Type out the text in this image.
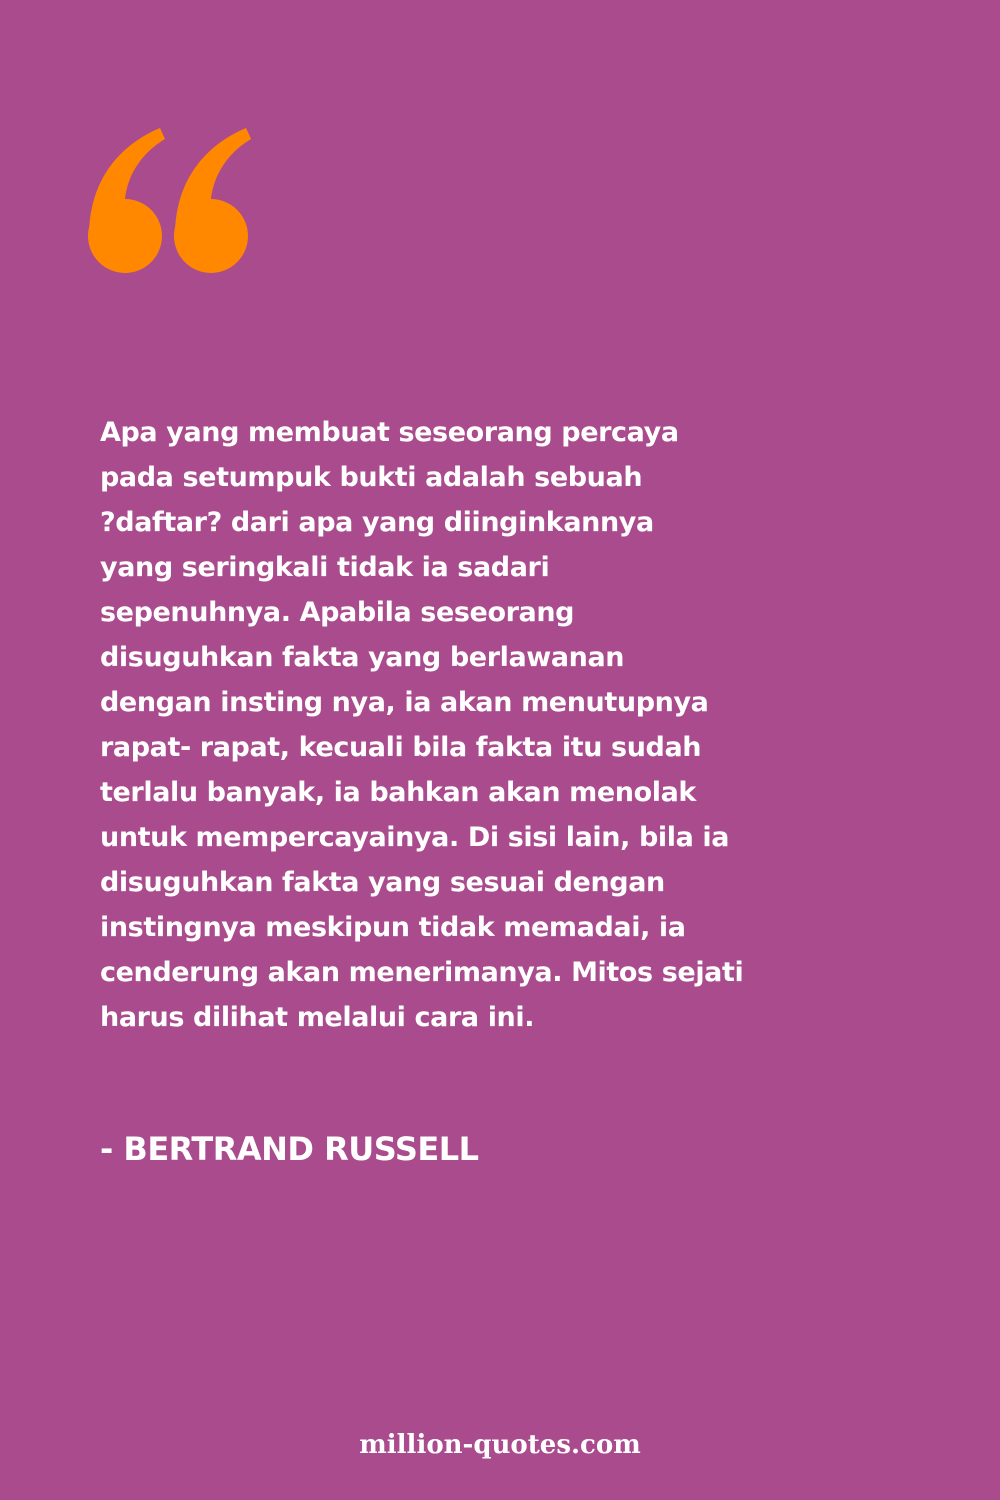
Apa yang membuat seseorang percaya
pada setumpuk bukti adalah sebuah
?daftar? dari apa yang diinginkannya
yang seringkali tidak ia sadari
sepenuhnya. Apabila seseorang
disuguhkan fakta yang berlawanan
dengan insting nya, ia akan menutupnya
rapat- rapat, kecuali bila fakta itu sudah
terlalu banyak, ia bahkan akan menolak
untuk mempercayainya. Di sisi lain, bila ia
disuguhkan fakta yang sesuai dengan
instingnya meskipun tidak memadai, ia
cenderung akan menerimanya. Mitos sejati
harus dilihat melalui cara ini.
- BERTRAND RUSSELL
million-quotes.com
